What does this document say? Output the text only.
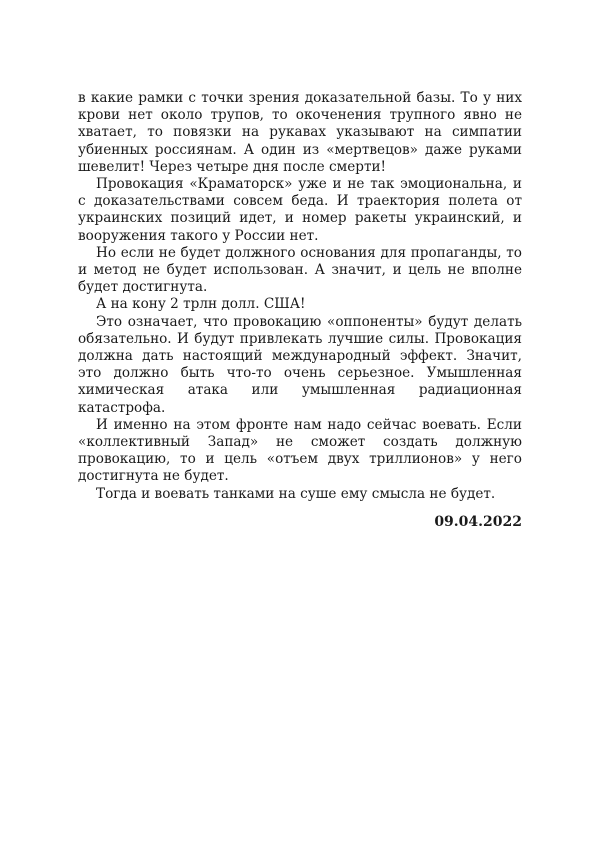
в какие рамки с точки зрения доказательной базы. То у них крови нет около трупов, то окоченения трупного явно не хватает, то повязки на рукавах указывают на симпатии убиенных россиянам. А один из «мертвецов» даже руками шевелит! Через четыре дня после смерти!

Провокация «Краматорск» уже и не так эмоциональна, и с доказательствами совсем беда. И траектория полета от украинских позиций идет, и номер ракеты украинский, и вооружения такого у России нет.

Но если не будет должного основания для пропаганды, то и метод не будет использован. А значит, и цель не вполне будет достигнута.

А на кону 2 трлн долл. США!

Это означает, что провокацию «оппоненты» будут делать обязательно. И будут привлекать лучшие силы. Провокация должна дать настоящий международный эффект. Значит, это должно быть что-то очень серьезное. Умышленная химическая атака или умышленная радиационная катастрофа.

И именно на этом фронте нам надо сейчас воевать. Если «коллективный Запад» не сможет создать должную провокацию, то и цель «отъем двух триллионов» у него достигнута не будет.

Тогда и воевать танками на суше ему смысла не будет.

09.04.2022
